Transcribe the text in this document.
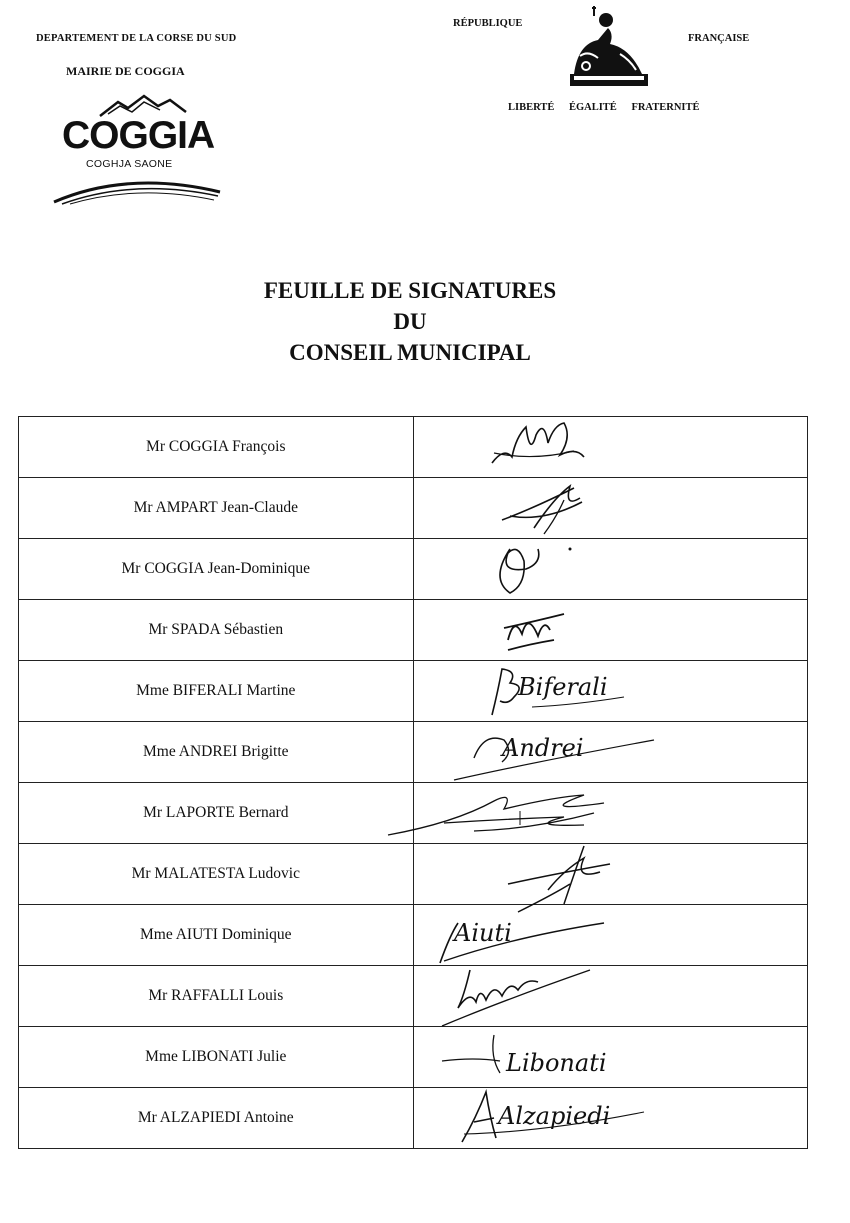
DEPARTEMENT DE LA CORSE DU SUD
MAIRIE DE COGGIA
COGGIA
COGHJA SAONE
RÉPUBLIQUE
FRANÇAISE
LIBERTÉ ÉGALITÉ FRATERNITÉ
FEUILLE DE SIGNATURES
DU
CONSEIL MUNICIPAL
Mr COGGIA François	

Mr AMPART Jean-Claude	

Mr COGGIA Jean-Dominique	

Mr SPADA Sébastien	

Mme BIFERALI Martine	Biferali

Mme ANDREI Brigitte	Andrei

Mr LAPORTE Bernard	

Mr MALATESTA Ludovic	

Mme AIUTI Dominique	Aiuti

Mr RAFFALLI Louis	

Mme LIBONATI Julie	Libonati

Mr ALZAPIEDI Antoine	Alzapiedi
